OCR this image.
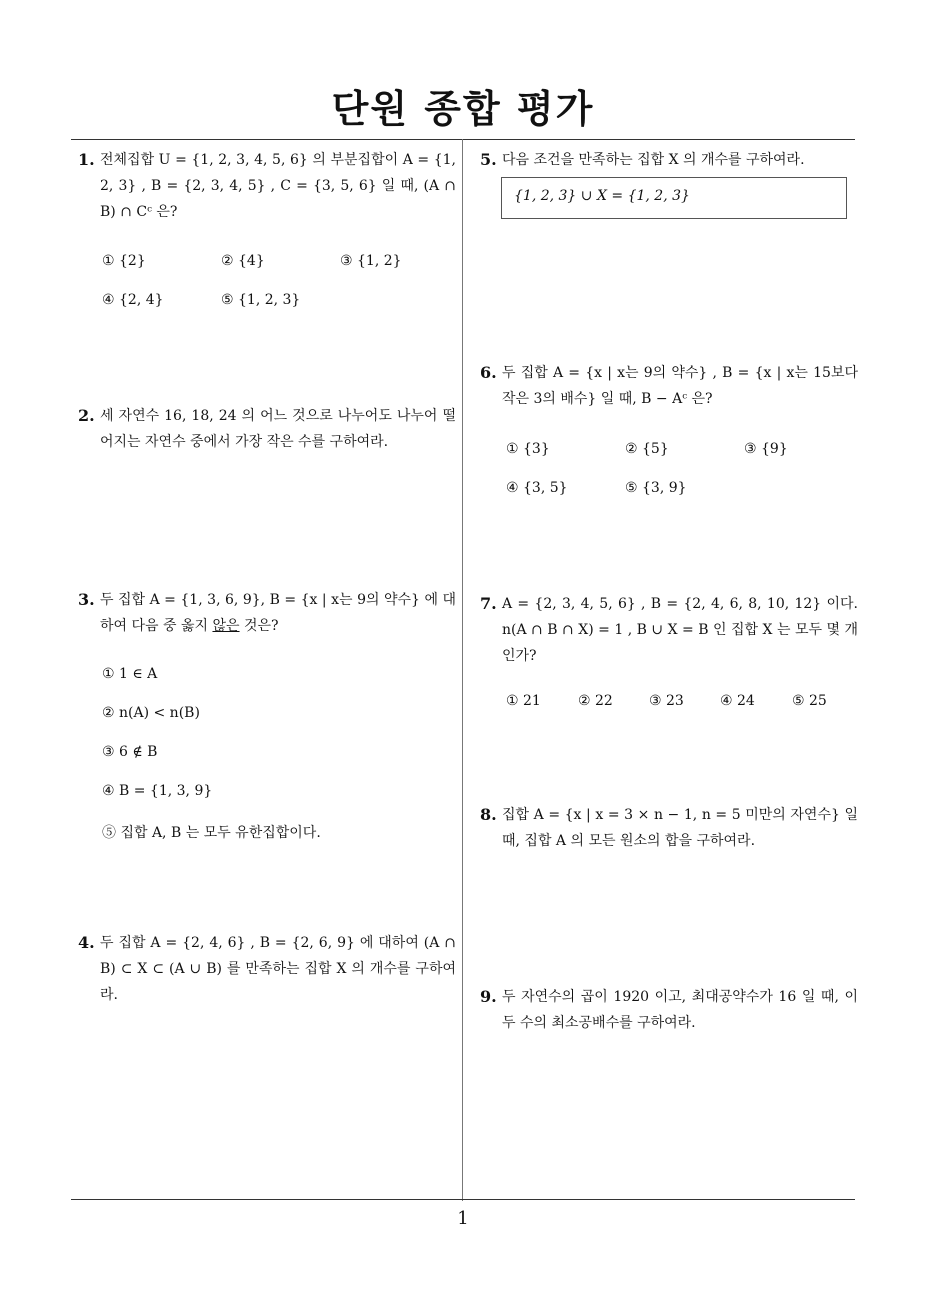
단원 종합 평가
1
1. 전체집합 U = {1, 2, 3, 4, 5, 6} 의 부분집합이 A = {1, 2, 3} , B = {2, 3, 4, 5} , C = {3, 5, 6} 일 때, (A ∩ B) ∩ Cᶜ 은?
① {2}	② {4}	③ {1, 2}
④ {2, 4}	⑤ {1, 2, 3}
2. 세 자연수 16, 18, 24 의 어느 것으로 나누어도 나누어 떨어지는 자연수 중에서 가장 작은 수를 구하여라.
3. 두 집합 A = {1, 3, 6, 9}, B = {x | x는 9의 약수} 에 대하여 다음 중 옳지 않은 것은?
① 1 ∈ A
② n(A) < n(B)
③ 6 ∉ B
④ B = {1, 3, 9}
⑤ 집합 A, B 는 모두 유한집합이다.
4. 두 집합 A = {2, 4, 6} , B = {2, 6, 9} 에 대하여 (A ∩ B) ⊂ X ⊂ (A ∪ B) 를 만족하는 집합 X 의 개수를 구하여라.
5. 다음 조건을 만족하는 집합 X 의 개수를 구하여라.
{1, 2, 3} ∪ X = {1, 2, 3}
6. 두 집합 A = {x | x는 9의 약수} , B = {x | x는 15보다 작은 3의 배수} 일 때, B − Aᶜ 은?
① {3}	② {5}	③ {9}
④ {3, 5}	⑤ {3, 9}
7. A = {2, 3, 4, 5, 6} , B = {2, 4, 6, 8, 10, 12} 이다. n(A ∩ B ∩ X) = 1 , B ∪ X = B 인 집합 X 는 모두 몇 개인가?
① 21	② 22	③ 23	④ 24	⑤ 25
8. 집합 A = {x | x = 3 × n − 1, n = 5 미만의 자연수} 일 때, 집합 A 의 모든 원소의 합을 구하여라.
9. 두 자연수의 곱이 1920 이고, 최대공약수가 16 일 때, 이 두 수의 최소공배수를 구하여라.
